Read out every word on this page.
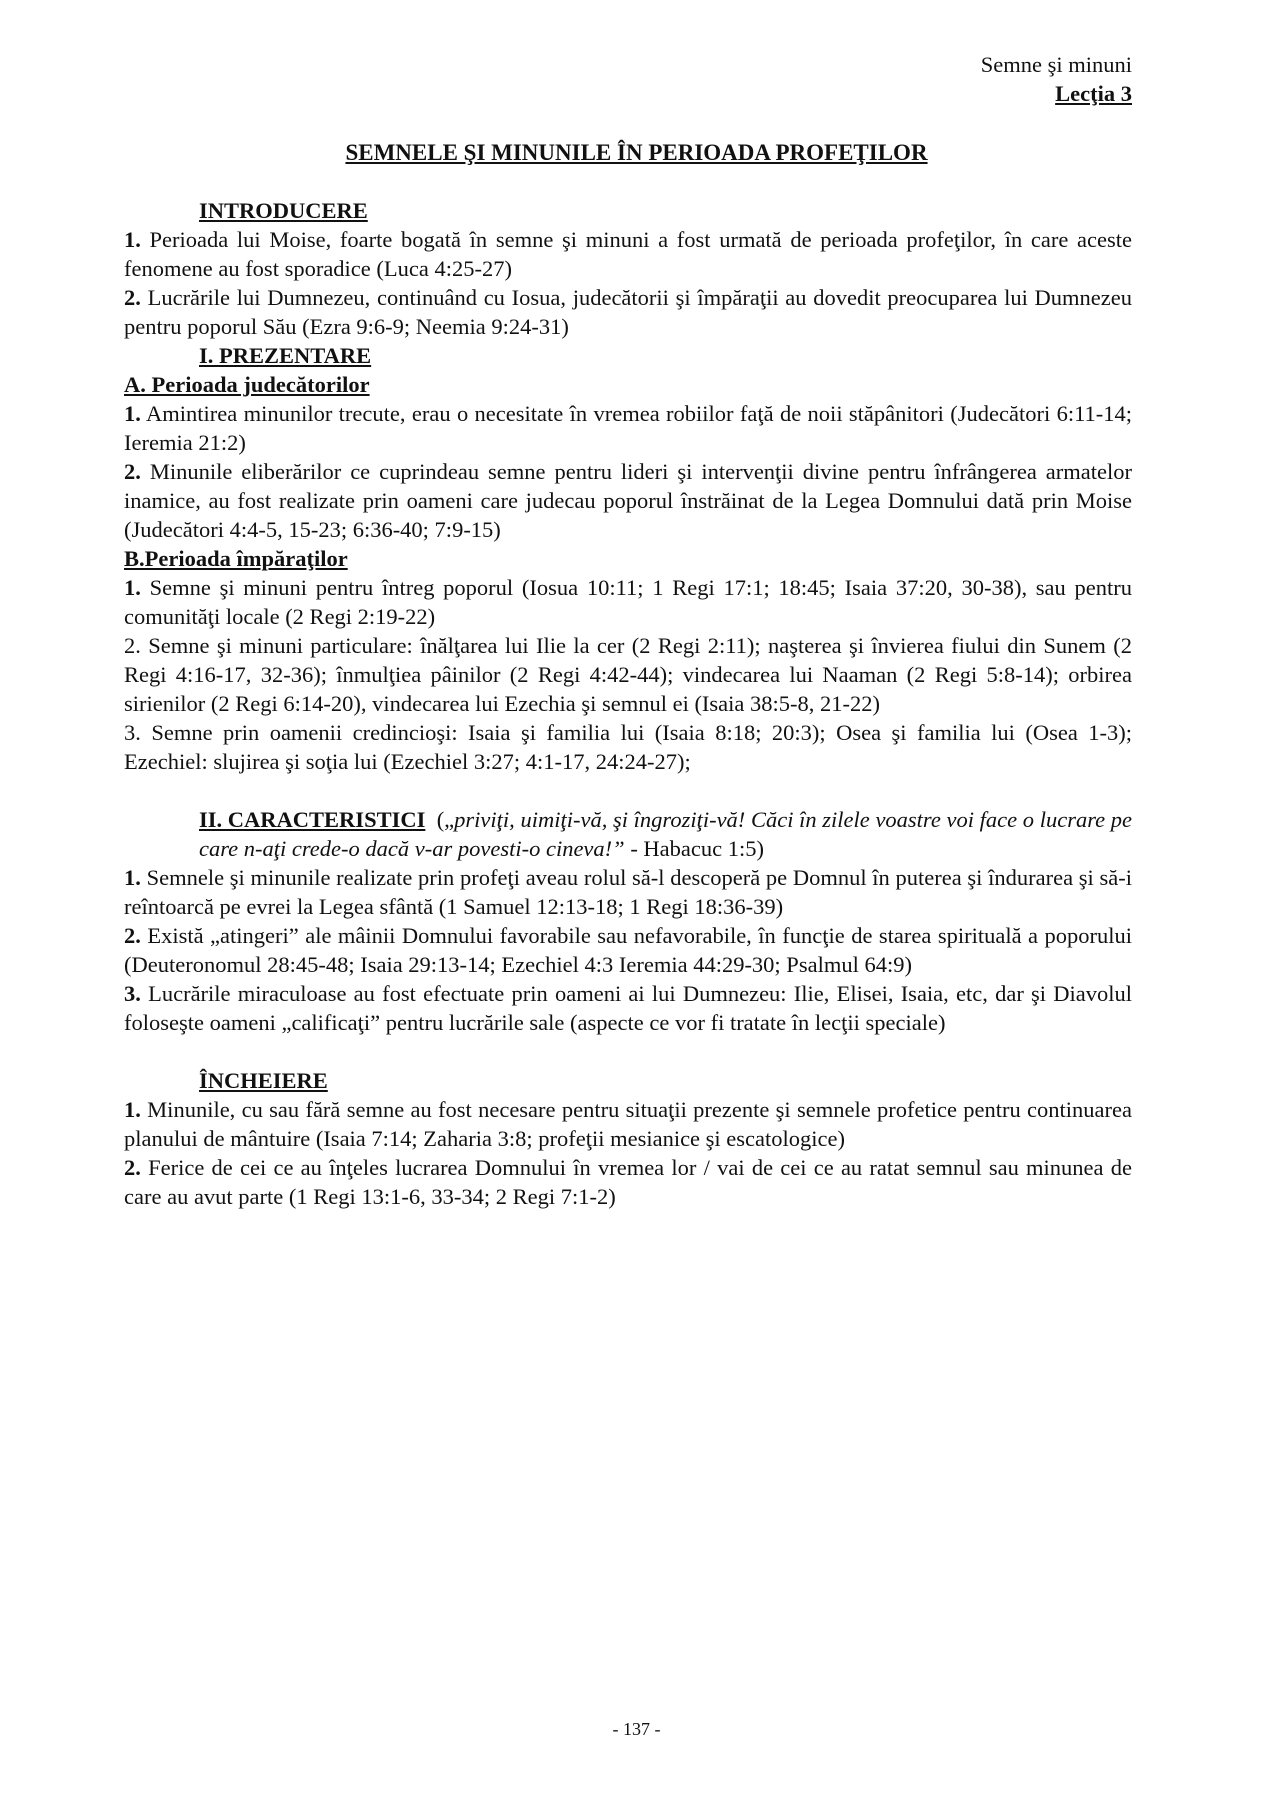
Semne şi minuni
Lecţia 3
SEMNELE ŞI MINUNILE ÎN PERIOADA PROFEŢILOR

INTRODUCERE

1. Perioada lui Moise, foarte bogată în semne şi minuni a fost urmată de perioada profeţilor, în care aceste fenomene au fost sporadice (Luca 4:25-27)

2. Lucrările lui Dumnezeu, continuând cu Iosua, judecătorii şi împăraţii au dovedit preocuparea lui Dumnezeu pentru poporul Său (Ezra 9:6-9; Neemia 9:24-31)

I. PREZENTARE

A. Perioada judecătorilor

1. Amintirea minunilor trecute, erau o necesitate în vremea robiilor faţă de noii stăpânitori (Judecători 6:11-14; Ieremia 21:2)

2. Minunile eliberărilor ce cuprindeau semne pentru lideri şi intervenţii divine pentru înfrângerea armatelor inamice, au fost realizate prin oameni care judecau poporul înstrăinat de la Legea Domnului dată prin Moise (Judecători 4:4-5, 15-23; 6:36-40; 7:9-15)

B.Perioada împăraţilor

1. Semne şi minuni pentru întreg poporul (Iosua 10:11; 1 Regi 17:1; 18:45; Isaia 37:20, 30-38), sau pentru comunităţi locale (2 Regi 2:19-22)

2. Semne şi minuni particulare: înălţarea lui Ilie la cer (2 Regi 2:11); naşterea şi învierea fiului din Sunem (2 Regi 4:16-17, 32-36); înmulţiea pâinilor (2 Regi 4:42-44); vindecarea lui Naaman (2 Regi 5:8-14); orbirea sirienilor (2 Regi 6:14-20), vindecarea lui Ezechia şi semnul ei (Isaia 38:5-8, 21-22)

3. Semne prin oamenii credincioşi: Isaia şi familia lui (Isaia 8:18; 20:3); Osea şi familia lui (Osea 1-3); Ezechiel: slujirea şi soţia lui (Ezechiel 3:27; 4:1-17, 24:24-27);

II. CARACTERISTICI („priviţi, uimiţi-vă, şi îngroziţi-vă! Căci în zilele voastre voi face o lucrare pe care n-aţi crede-o dacă v-ar povesti-o cineva!” - Habacuc 1:5)

1. Semnele şi minunile realizate prin profeţi aveau rolul să-l descoperă pe Domnul în puterea şi îndurarea şi să-i reîntoarcă pe evrei la Legea sfântă (1 Samuel 12:13-18; 1 Regi 18:36-39)

2. Există „atingeri” ale mâinii Domnului favorabile sau nefavorabile, în funcţie de starea spirituală a poporului (Deuteronomul 28:45-48; Isaia 29:13-14; Ezechiel 4:3 Ieremia 44:29-30; Psalmul 64:9)

3. Lucrările miraculoase au fost efectuate prin oameni ai lui Dumnezeu: Ilie, Elisei, Isaia, etc, dar şi Diavolul foloseşte oameni „calificaţi” pentru lucrările sale (aspecte ce vor fi tratate în lecţii speciale)

ÎNCHEIERE

1. Minunile, cu sau fără semne au fost necesare pentru situaţii prezente şi semnele profetice pentru continuarea planului de mântuire (Isaia 7:14; Zaharia 3:8; profeţii mesianice şi escatologice)

2. Ferice de cei ce au înţeles lucrarea Domnului în vremea lor / vai de cei ce au ratat semnul sau minunea de care au avut parte (1 Regi 13:1-6, 33-34; 2 Regi 7:1-2)

- 137 -
